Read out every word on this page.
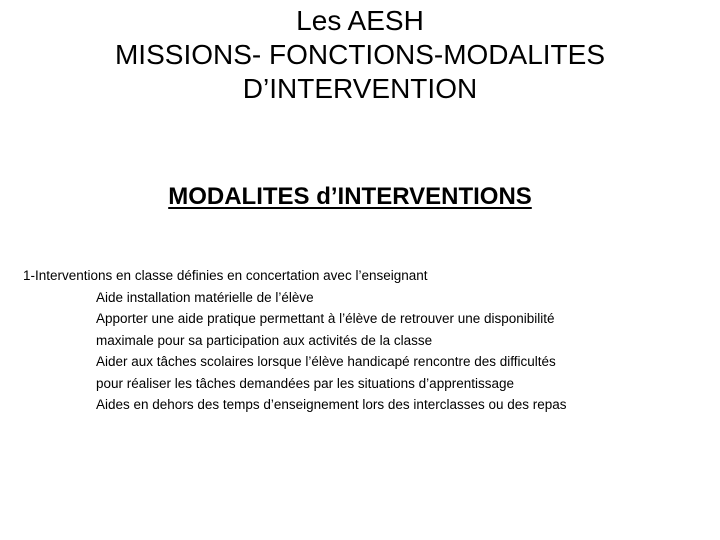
Les AESH
MISSIONS- FONCTIONS-MODALITES
D’INTERVENTION
MODALITES d’INTERVENTIONS
1-Interventions en classe définies en concertation avec l’enseignant
Aide installation matérielle de l’élève
Apporter une aide pratique permettant à l’élève de retrouver une disponibilité
maximale pour sa participation aux activités de la classe
Aider aux tâches scolaires lorsque l’élève handicapé rencontre des difficultés
pour réaliser les tâches demandées par les situations d’apprentissage
Aides en dehors des temps d’enseignement lors des interclasses ou des repas
